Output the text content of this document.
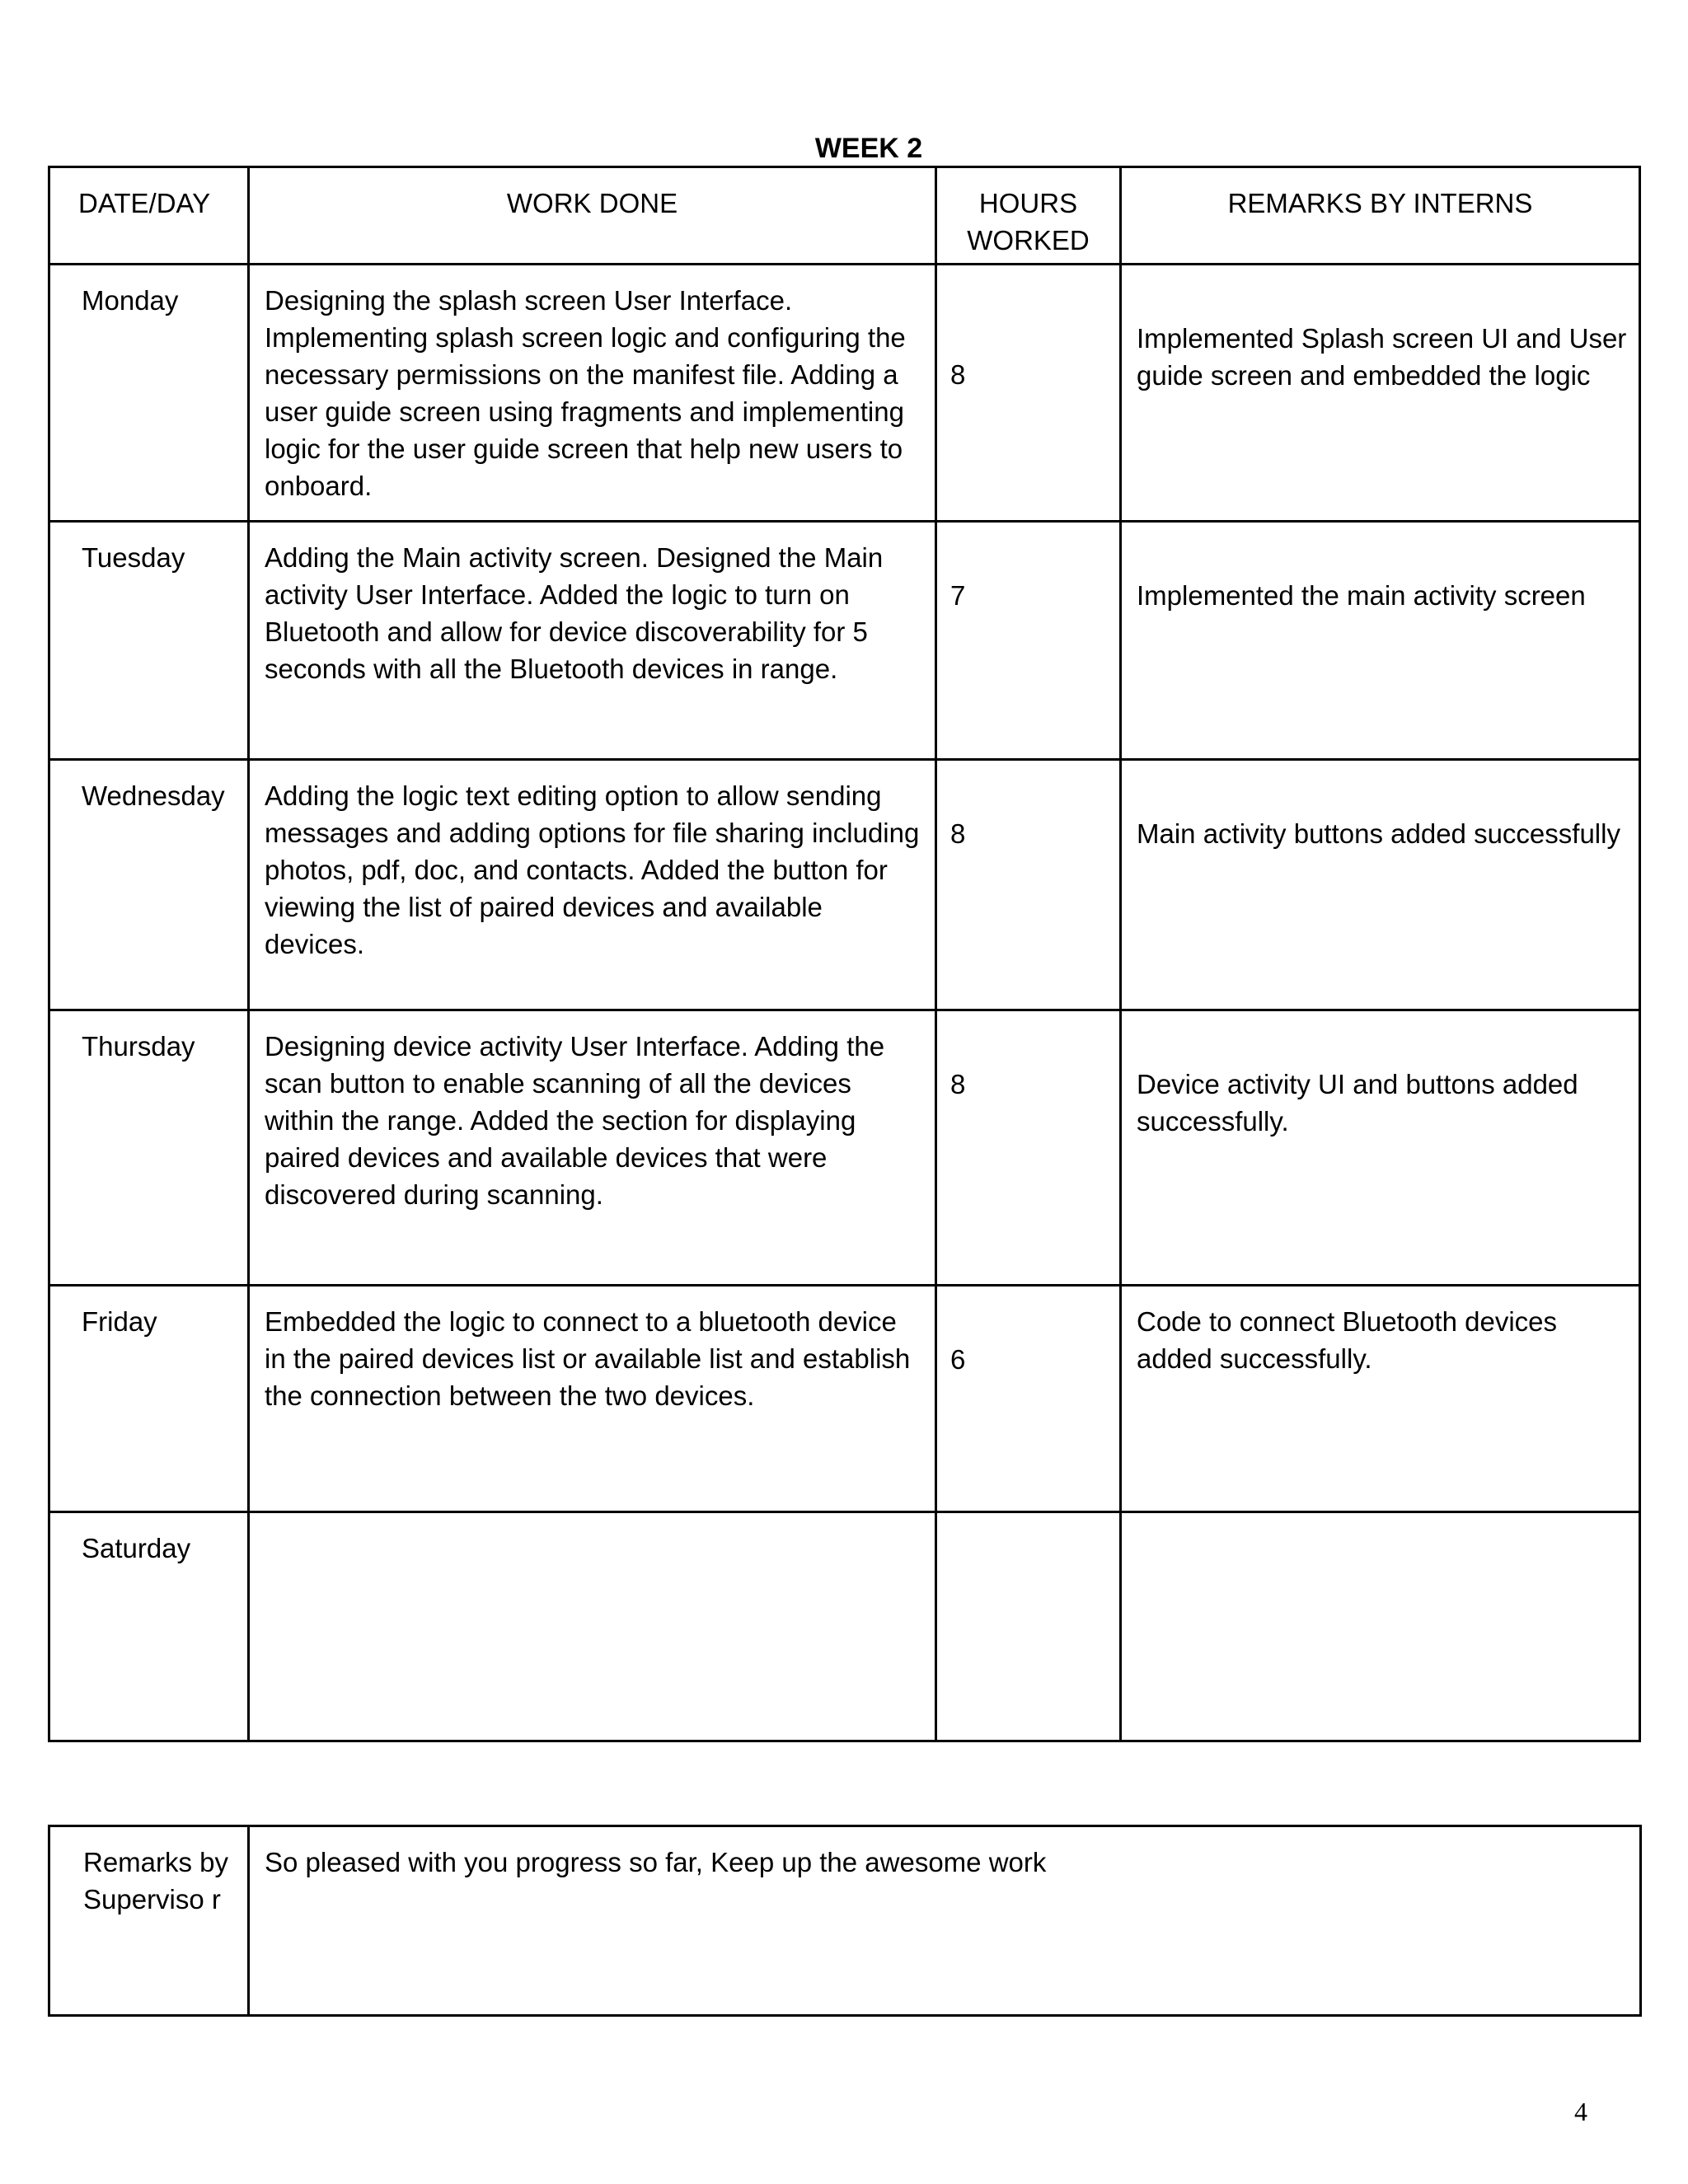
WEEK 2
DATE/DAY	WORK DONE	HOURS WORKED	REMARKS BY INTERNS
Monday	Designing the splash screen User Interface. Implementing splash screen logic and configuring the necessary permissions on the manifest file. Adding a user guide screen using fragments and implementing logic for the user guide screen that help new users to onboard.	8	Implemented Splash screen UI and User guide screen and embedded the logic
Tuesday	Adding the Main activity screen. Designed the Main activity User Interface. Added the logic to turn on Bluetooth and allow for device discoverability for 5 seconds with all the Bluetooth devices in range.	7	Implemented the main activity screen
Wednesday	Adding the logic text editing option to allow sending messages and adding options for file sharing including photos, pdf, doc, and contacts. Added the button for viewing the list of paired devices and available devices.	8	Main activity buttons added successfully
Thursday	Designing device activity User Interface. Adding the scan button to enable scanning of all the devices within the range. Added the section for displaying paired devices and available devices that were discovered during scanning.	8	Device activity UI and buttons added successfully.
Friday	Embedded the logic to connect to a bluetooth device in the paired devices list or available list and establish the connection between the two devices.	6	Code to connect Bluetooth devices added successfully.
Saturday			
Remarks by Superviso r	So pleased with you progress so far, Keep up the awesome work
4
